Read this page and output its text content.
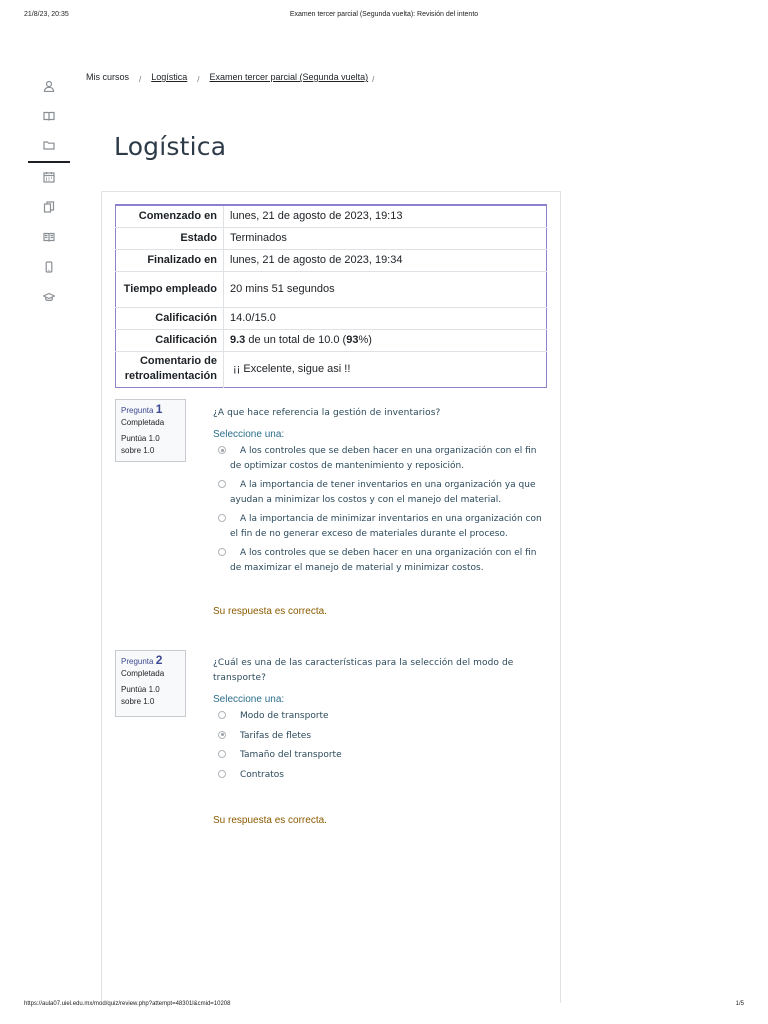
21/8/23, 20:35	Examen tercer parcial (Segunda vuelta): Revisión del intento
Mis cursos / Logística / Examen tercer parcial (Segunda vuelta) /
Logística
Comenzado en	lunes, 21 de agosto de 2023, 19:13
Estado	Terminados
Finalizado en	lunes, 21 de agosto de 2023, 19:34
Tiempo empleado	20 mins 51 segundos
Calificación	14.0/15.0
Calificación	9.3 de un total de 10.0 (93%)
Comentario de retroalimentación	¡¡ Excelente, sigue asi !!
Pregunta 1
Completada
Puntúa 1.0
sobre 1.0
¿A que hace referencia la gestión de inventarios?
Seleccione una:
A los controles que se deben hacer en una organización con el fin de optimizar costos de mantenimiento y reposición.
A la importancia de tener inventarios en una organización ya que ayudan a minimizar los costos y con el manejo del material.
A la importancia de minimizar inventarios en una organización con el fin de no generar exceso de materiales durante el proceso.
A los controles que se deben hacer en una organización con el fin de maximizar el manejo de material y minimizar costos.
Su respuesta es correcta.
Pregunta 2
Completada
Puntúa 1.0
sobre 1.0
¿Cuál es una de las características para la selección del modo de transporte?
Seleccione una:
Modo de transporte
Tarifas de fletes
Tamaño del transporte
Contratos
Su respuesta es correcta.
https://aula07.uiel.edu.mx/mod/quiz/review.php?attempt=48301l&cmid=10208	1/5
